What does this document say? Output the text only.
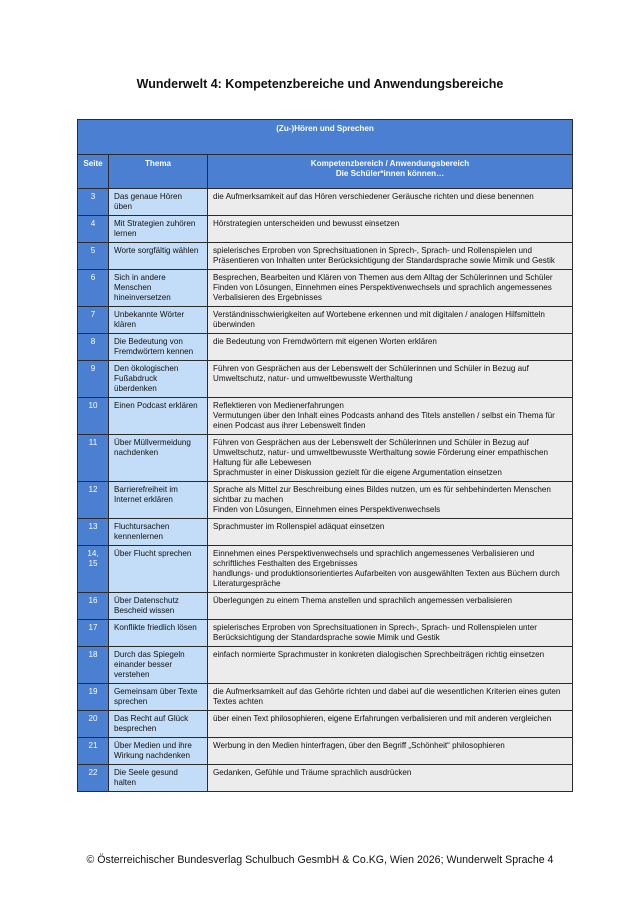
Wunderwelt 4: Kompetenzbereiche und Anwendungsbereiche
(Zu-)Hören und Sprechen		
Seite	Thema	Kompetenzbereich / Anwendungsbereich
Die Schüler*innen können…

3	Das genaue Hören üben	die Aufmerksamkeit auf das Hören verschiedener Geräusche richten und diese benennen

4	Mit Strategien zuhören lernen	Hörstrategien unterscheiden und bewusst einsetzen

5	Worte sorgfältig wählen	spielerisches Erproben von Sprechsituationen in Sprech-, Sprach- und Rollenspielen und Präsentieren von Inhalten unter Berücksichtigung der Standardsprache sowie Mimik und Gestik

6	Sich in andere Menschen hineinversetzen	Besprechen, Bearbeiten und Klären von Themen aus dem Alltag der Schülerinnen und Schüler
Finden von Lösungen, Einnehmen eines Perspektivenwechsels und sprachlich angemessenes Verbalisieren des Ergebnisses

7	Unbekannte Wörter klären	Verständnisschwierigkeiten auf Wortebene erkennen und mit digitalen / analogen Hilfsmitteln überwinden

8	Die Bedeutung von Fremdwörtern kennen	die Bedeutung von Fremdwörtern mit eigenen Worten erklären

9	Den ökologischen Fußabdruck überdenken	Führen von Gesprächen aus der Lebenswelt der Schülerinnen und Schüler in Bezug auf Umweltschutz, natur- und umweltbewusste Werthaltung

10	Einen Podcast erklären	Reflektieren von Medienerfahrungen
Vermutungen über den Inhalt eines Podcasts anhand des Titels anstellen / selbst ein Thema für einen Podcast aus ihrer Lebenswelt finden

11	Über Müllvermeidung nachdenken	Führen von Gesprächen aus der Lebenswelt der Schülerinnen und Schüler in Bezug auf Umweltschutz, natur- und umweltbewusste Werthaltung sowie Förderung einer empathischen Haltung für alle Lebewesen
Sprachmuster in einer Diskussion gezielt für die eigene Argumentation einsetzen

12	Barrierefreiheit im Internet erklären	Sprache als Mittel zur Beschreibung eines Bildes nutzen, um es für sehbehinderten Menschen sichtbar zu machen
Finden von Lösungen, Einnehmen eines Perspektivenwechsels

13	Fluchtursachen kennenlernen	Sprachmuster im Rollenspiel adäquat einsetzen

14, 15	Über Flucht sprechen	Einnehmen eines Perspektivenwechsels und sprachlich angemessenes Verbalisieren und schriftliches Festhalten des Ergebnisses
handlungs- und produktionsorientiertes Aufarbeiten von ausgewählten Texten aus Büchern durch Literaturgespräche

16	Über Datenschutz Bescheid wissen	Überlegungen zu einem Thema anstellen und sprachlich angemessen verbalisieren

17	Konflikte friedlich lösen	spielerisches Erproben von Sprechsituationen in Sprech-, Sprach- und Rollenspielen unter Berücksichtigung der Standardsprache sowie Mimik und Gestik

18	Durch das Spiegeln einander besser verstehen	einfach normierte Sprachmuster in konkreten dialogischen Sprechbeiträgen richtig einsetzen

19	Gemeinsam über Texte sprechen	die Aufmerksamkeit auf das Gehörte richten und dabei auf die wesentlichen Kriterien eines guten Textes achten

20	Das Recht auf Glück besprechen	über einen Text philosophieren, eigene Erfahrungen verbalisieren und mit anderen vergleichen

21	Über Medien und ihre Wirkung nachdenken	Werbung in den Medien hinterfragen, über den Begriff „Schönheit“ philosophieren

22	Die Seele gesund halten	Gedanken, Gefühle und Träume sprachlich ausdrücken
© Österreichischer Bundesverlag Schulbuch GesmbH & Co.KG, Wien 2026; Wunderwelt Sprache 4
